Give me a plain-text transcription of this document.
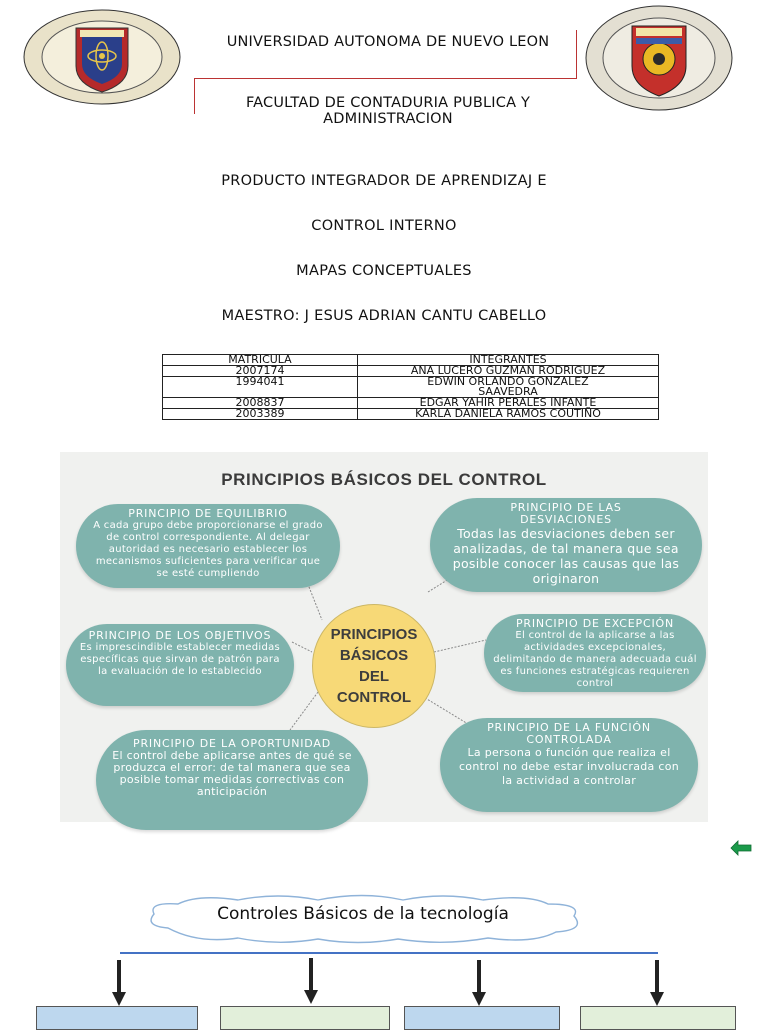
UNIVERSIDAD AUTONOMA DE NUEVO LEON
FACULTAD DE CONTADURIA PUBLICA Y ADMINISTRACION
PRODUCTO INTEGRADOR DE APRENDIZAJ E
CONTROL INTERNO
MAPAS CONCEPTUALES
MAESTRO: J ESUS ADRIAN CANTU CABELLO
MATRICULA	INTEGRANTES
2007174	ANA LUCERO GUZMAN RODRIGUEZ
1994041	EDWIN ORLANDO GONZALEZ SAAVEDRA
2008837	EDGAR YAHIR PERALES INFANTE
2003389	KARLA DANIELA RAMOS COUTIÑO
PRINCIPIOS BÁSICOS DEL CONTROL
PRINCIPIO DE EQUILIBRIO
A cada grupo debe proporcionarse el grado de control correspondiente. Al delegar autoridad es necesario establecer los mecanismos suficientes para verificar que se esté cumpliendo
PRINCIPIO DE LAS DESVIACIONES
Todas las desviaciones deben ser analizadas, de tal manera que sea posible conocer las causas que las originaron
PRINCIPIO DE LOS OBJETIVOS
Es imprescindible establecer medidas específicas que sirvan de patrón para la evaluación de lo establecido
PRINCIPIO DE EXCEPCIÓN
El control de la aplicarse a las actividades excepcionales, delimitando de manera adecuada cuál es funciones estratégicas requieren control
PRINCIPIO DE LA OPORTUNIDAD
El control debe aplicarse antes de qué se produzca el error: de tal manera que sea posible tomar medidas correctivas con anticipación
PRINCIPIO DE LA FUNCIÓN CONTROLADA
La persona o función que realiza el control no debe estar involucrada con la actividad a controlar
PRINCIPIOS
BÁSICOS
DEL
CONTROL
Controles Básicos de la tecnología
